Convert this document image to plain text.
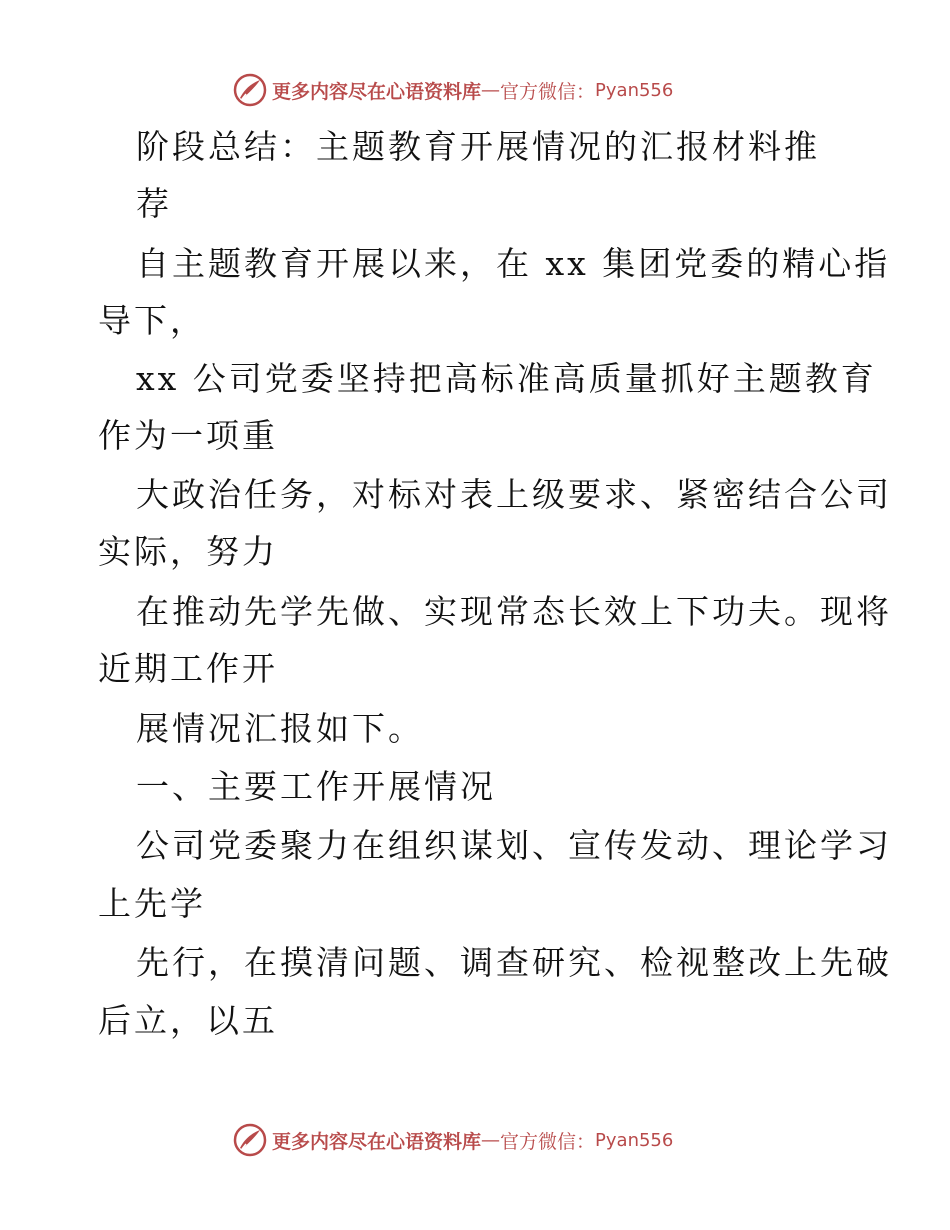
更多内容尽在心语资料库 — 官方微信： Pyan556
阶段总结：主题教育开展情况的汇报材料推
荐
自主题教育开展以来，在 xx 集团党委的精心指
导下，
xx 公司党委坚持把高标准高质量抓好主题教育
作为一项重
大政治任务，对标对表上级要求、紧密结合公司
实际，努力
在推动先学先做、实现常态长效上下功夫。现将
近期工作开
展情况汇报如下。
一、主要工作开展情况
公司党委聚力在组织谋划、宣传发动、理论学习
上先学
先行，在摸清问题、调查研究、检视整改上先破
后立，以五
更多内容尽在心语资料库 — 官方微信： Pyan556
